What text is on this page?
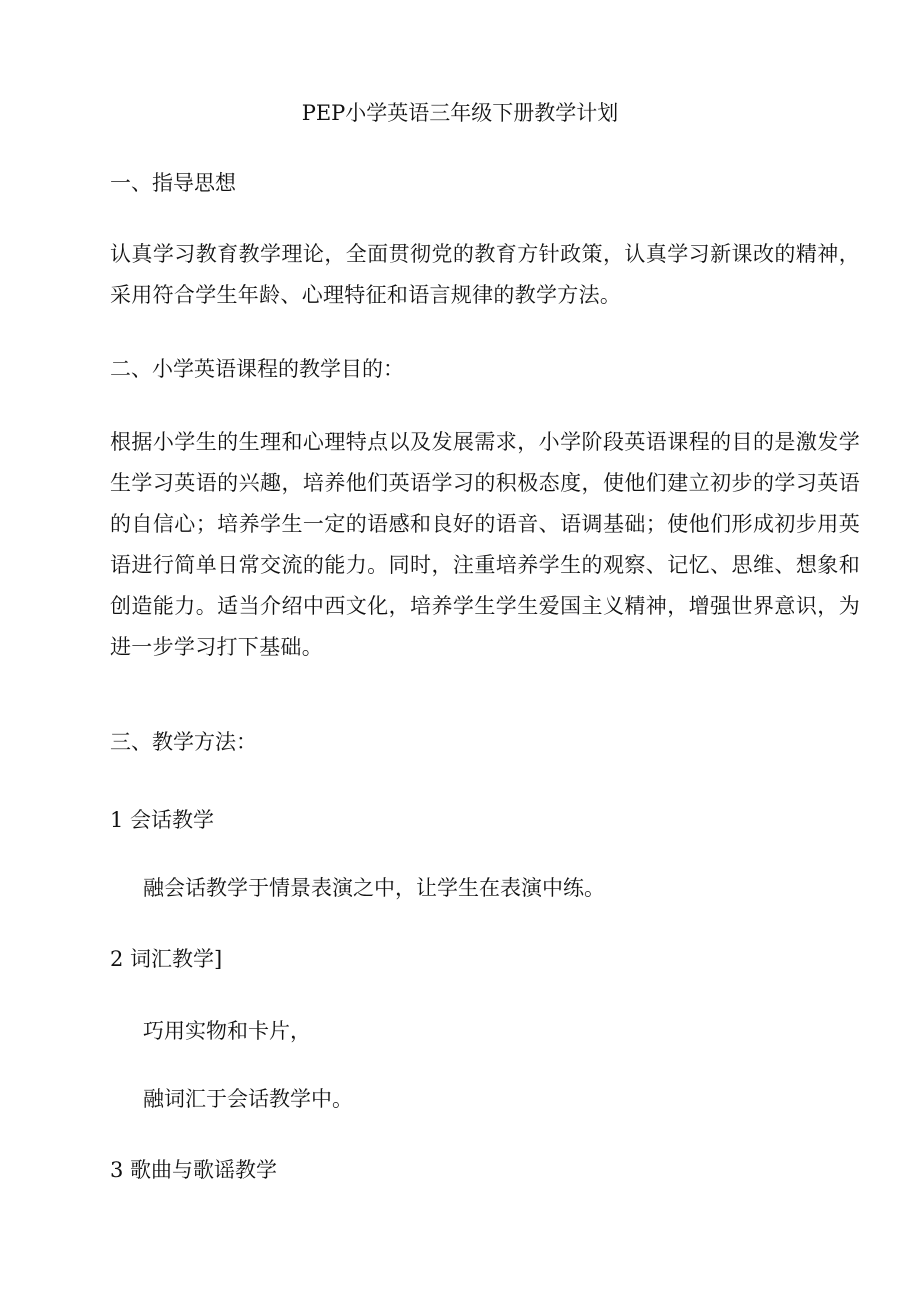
PEP小学英语三年级下册教学计划
一、指导思想
认真学习教育教学理论，全面贯彻党的教育方针政策，认真学习新课改的精神，采用符合学生年龄、心理特征和语言规律的教学方法。
二、小学英语课程的教学目的：
根据小学生的生理和心理特点以及发展需求，小学阶段英语课程的目的是激发学生学习英语的兴趣，培养他们英语学习的积极态度，使他们建立初步的学习英语的自信心；培养学生一定的语感和良好的语音、语调基础；使他们形成初步用英语进行简单日常交流的能力。同时，注重培养学生的观察、记忆、思维、想象和创造能力。适当介绍中西文化，培养学生学生爱国主义精神，增强世界意识，为进一步学习打下基础。
三、教学方法：
1 会话教学
融会话教学于情景表演之中，让学生在表演中练。
2 词汇教学]
巧用实物和卡片，
融词汇于会话教学中。
3 歌曲与歌谣教学
